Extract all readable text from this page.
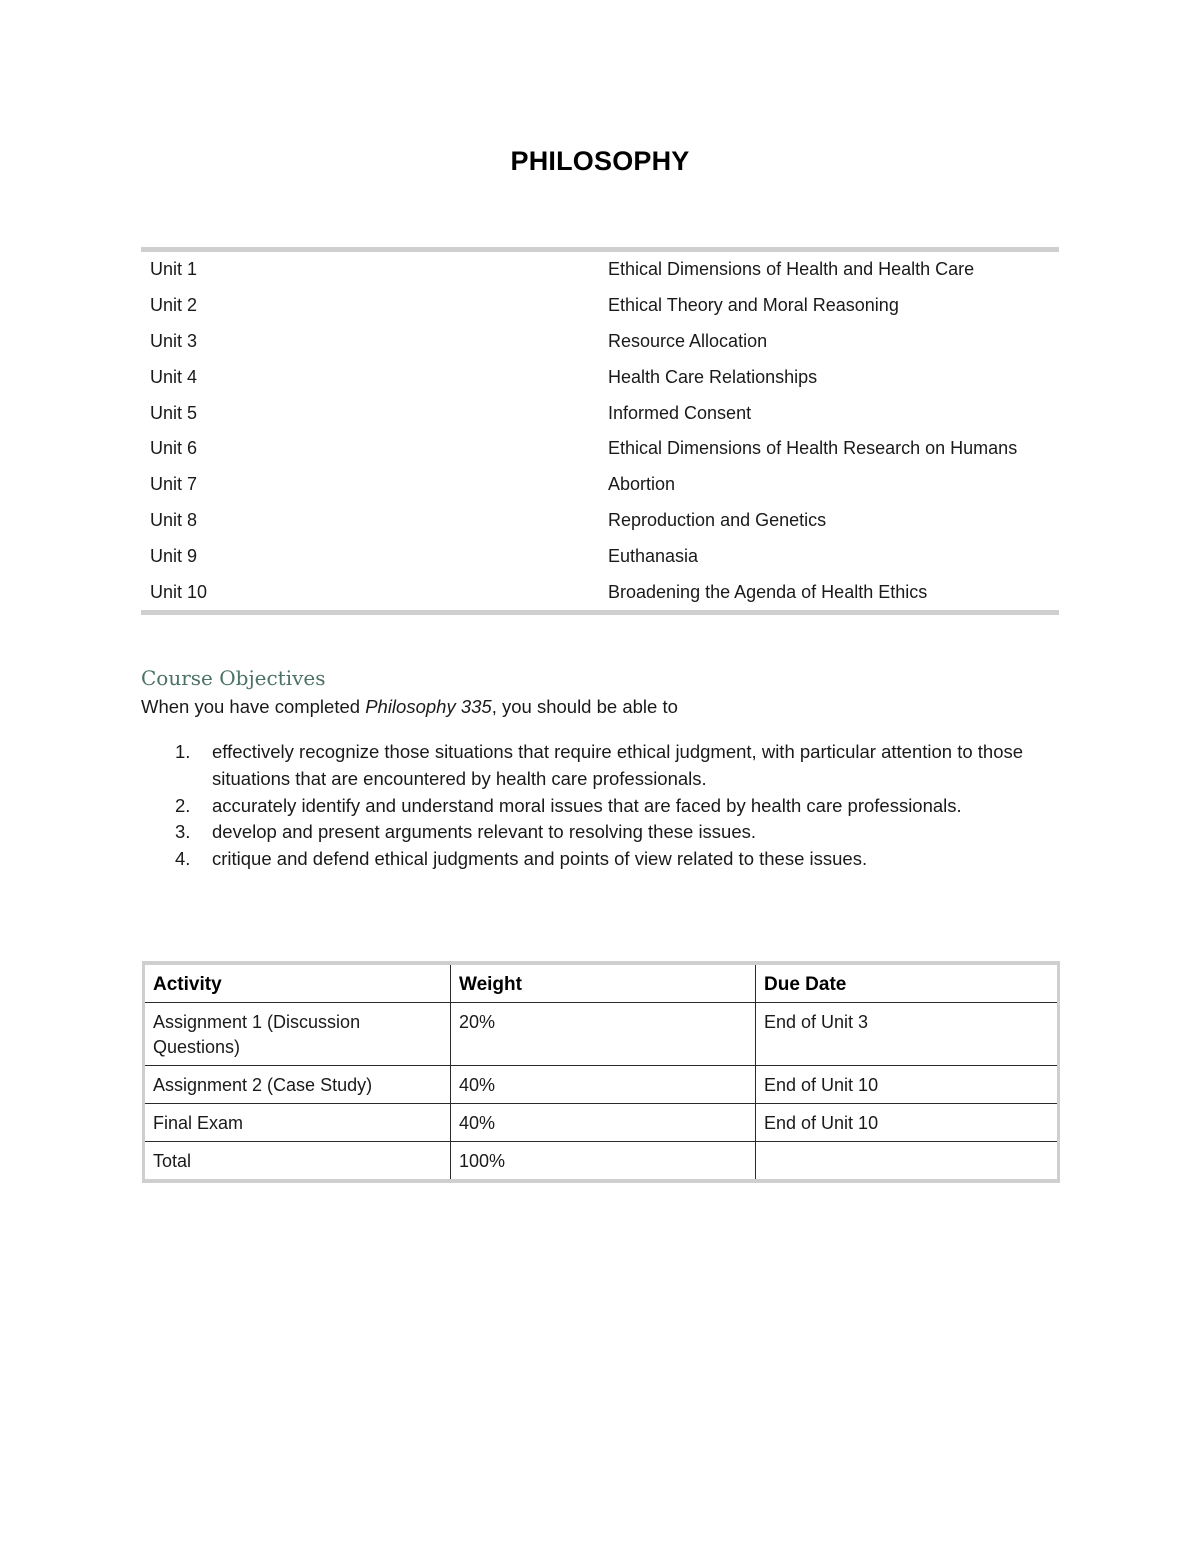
PHILOSOPHY
Unit 1	Ethical Dimensions of Health and Health Care
Unit 2	Ethical Theory and Moral Reasoning
Unit 3	Resource Allocation
Unit 4	Health Care Relationships
Unit 5	Informed Consent
Unit 6	Ethical Dimensions of Health Research on Humans
Unit 7	Abortion
Unit 8	Reproduction and Genetics
Unit 9	Euthanasia
Unit 10	Broadening the Agenda of Health Ethics
Course Objectives
When you have completed Philosophy 335, you should be able to
1. effectively recognize those situations that require ethical judgment, with particular attention to those situations that are encountered by health care professionals.
2. accurately identify and understand moral issues that are faced by health care professionals.
3. develop and present arguments relevant to resolving these issues.
4. critique and defend ethical judgments and points of view related to these issues.
Activity	Weight	Due Date
Assignment 1 (Discussion Questions)	20%	End of Unit 3
Assignment 2 (Case Study)	40%	End of Unit 10
Final Exam	40%	End of Unit 10
Total	100%	
